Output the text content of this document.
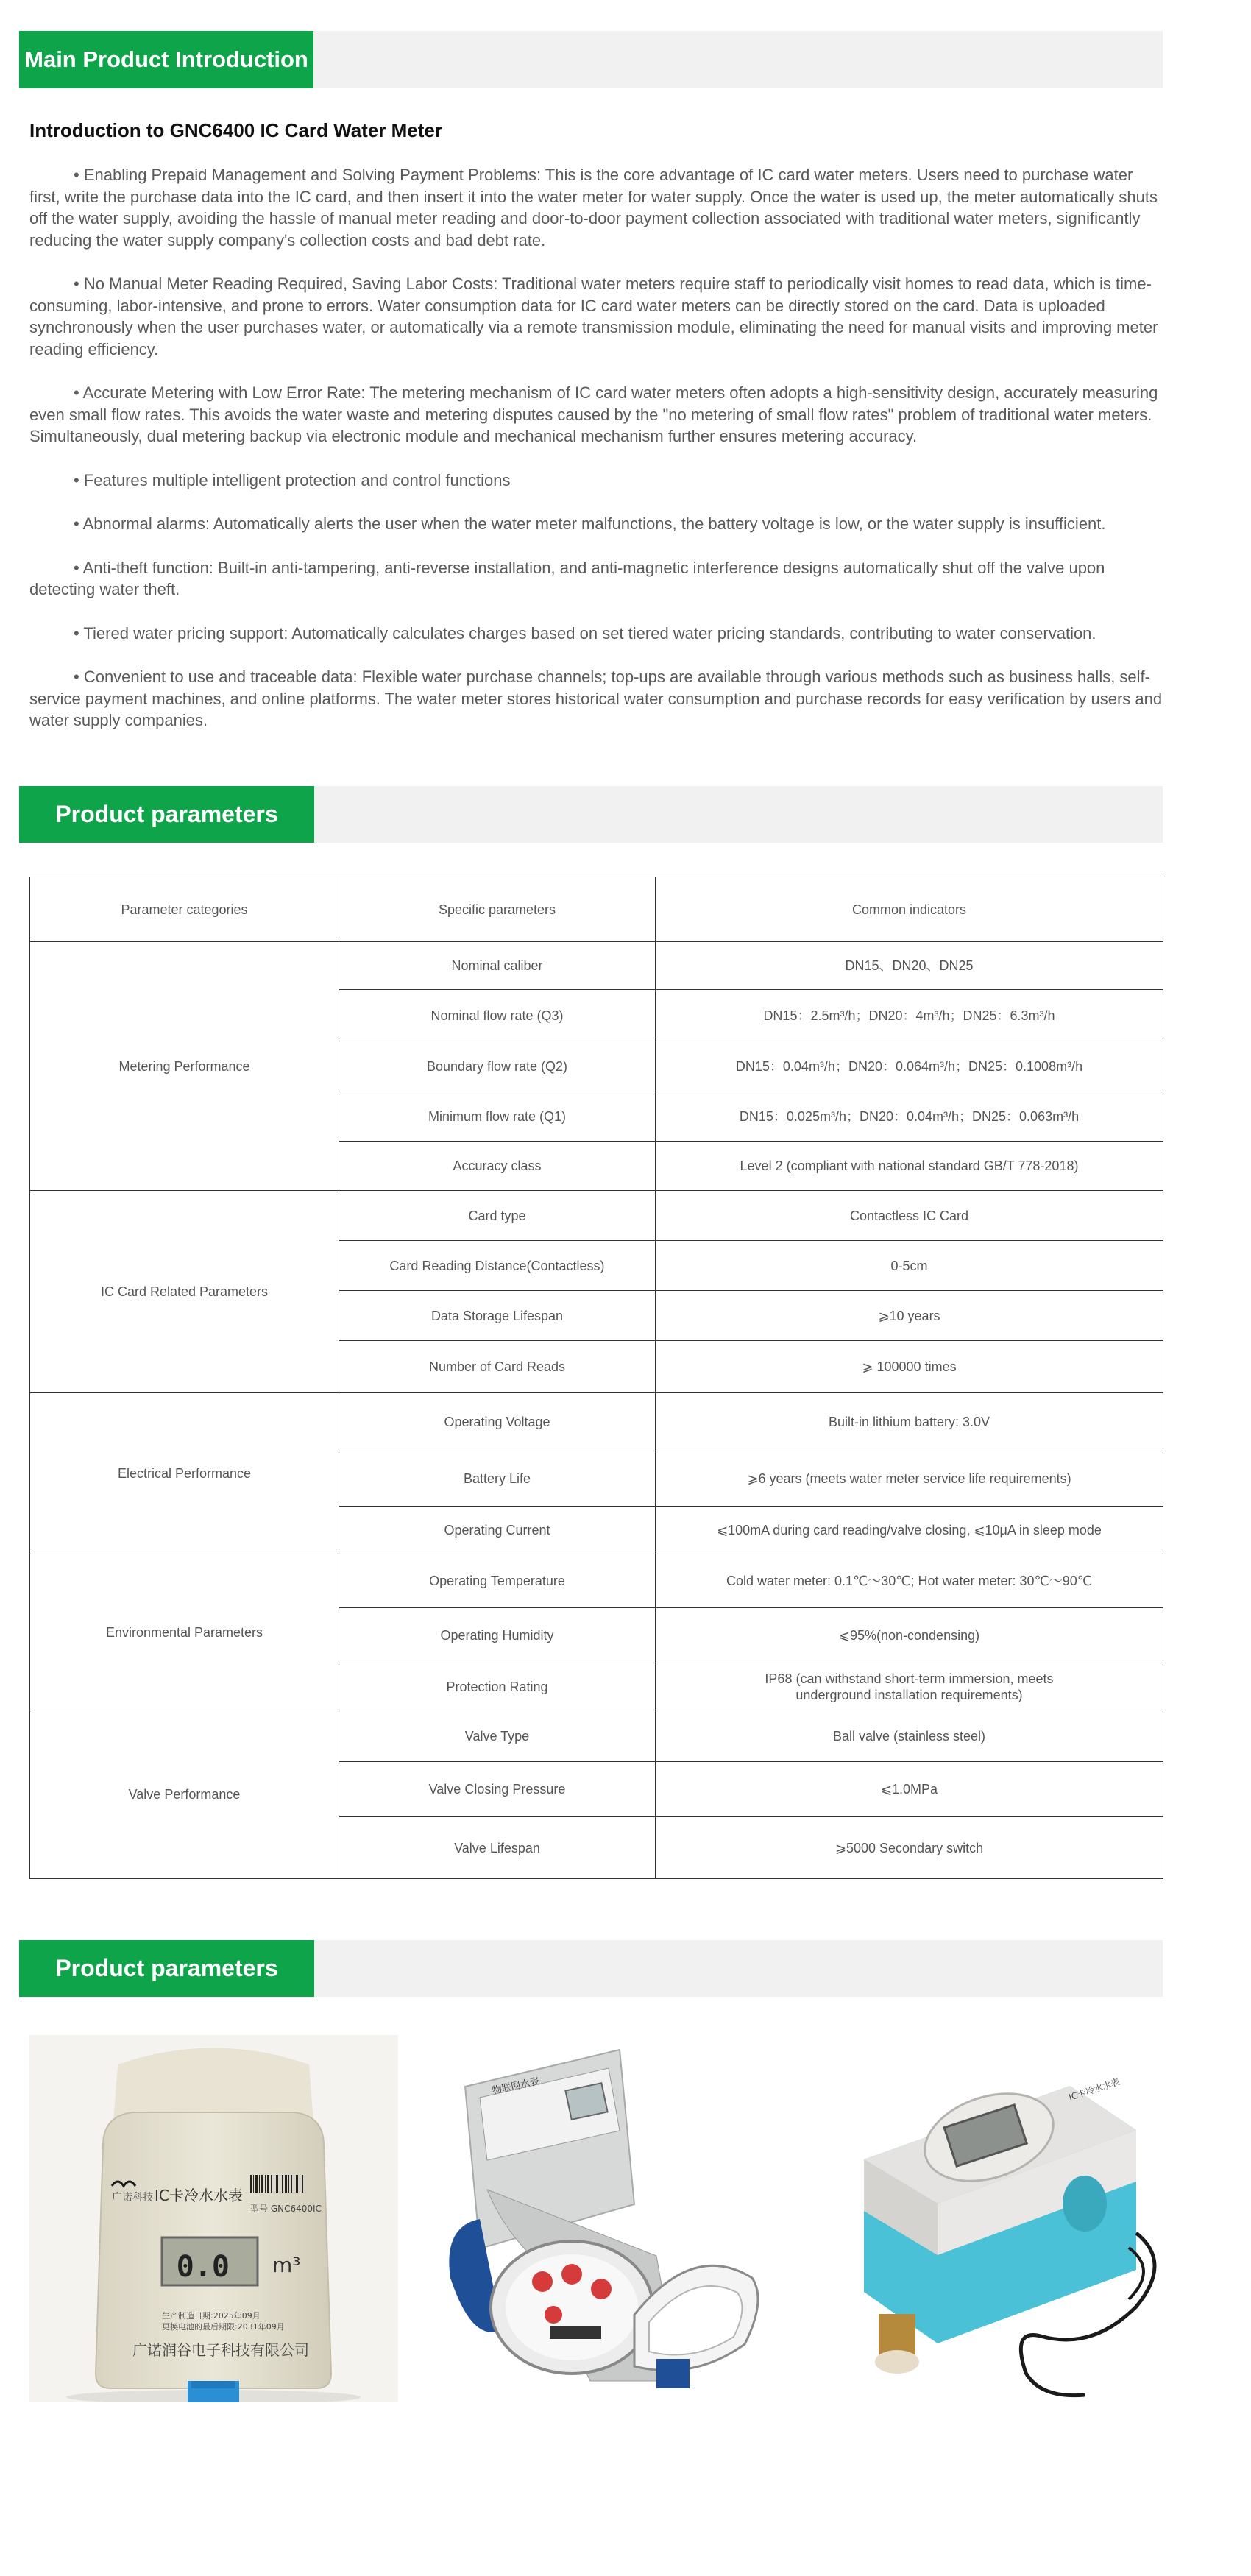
Main Product Introduction
Introduction to GNC6400 IC Card Water Meter

• Enabling Prepaid Management and Solving Payment Problems: This is the core advantage of IC card water meters. Users need to purchase water first, write the purchase data into the IC card, and then insert it into the water meter for water supply. Once the water is used up, the meter automatically shuts off the water supply, avoiding the hassle of manual meter reading and door-to-door payment collection associated with traditional water meters, significantly reducing the water supply company's collection costs and bad debt rate.

• No Manual Meter Reading Required, Saving Labor Costs: Traditional water meters require staff to periodically visit homes to read data, which is time-consuming, labor-intensive, and prone to errors. Water consumption data for IC card water meters can be directly stored on the card. Data is uploaded synchronously when the user purchases water, or automatically via a remote transmission module, eliminating the need for manual visits and improving meter reading efficiency.

• Accurate Metering with Low Error Rate: The metering mechanism of IC card water meters often adopts a high-sensitivity design, accurately measuring even small flow rates. This avoids the water waste and metering disputes caused by the "no metering of small flow rates" problem of traditional water meters. Simultaneously, dual metering backup via electronic module and mechanical mechanism further ensures metering accuracy.

• Features multiple intelligent protection and control functions

• Abnormal alarms: Automatically alerts the user when the water meter malfunctions, the battery voltage is low, or the water supply is insufficient.

• Anti-theft function: Built-in anti-tampering, anti-reverse installation, and anti-magnetic interference designs automatically shut off the valve upon detecting water theft.

• Tiered water pricing support: Automatically calculates charges based on set tiered water pricing standards, contributing to water conservation.

• Convenient to use and traceable data: Flexible water purchase channels; top-ups are available through various methods such as business halls, self-service payment machines, and online platforms. The water meter stores historical water consumption and purchase records for easy verification by users and water supply companies.

Product parameters
Parameter categories	Specific parameters	Common indicators
Metering Performance	Nominal caliber	DN15、DN20、DN25
	Nominal flow rate (Q3)	DN15：2.5m³/h；DN20：4m³/h；DN25：6.3m³/h
	Boundary flow rate (Q2)	DN15：0.04m³/h；DN20：0.064m³/h；DN25：0.1008m³/h
	Minimum flow rate (Q1)	DN15：0.025m³/h；DN20：0.04m³/h；DN25：0.063m³/h
	Accuracy class	Level 2 (compliant with national standard GB/T 778-2018)
IC Card Related Parameters	Card type	Contactless IC Card
	Card Reading Distance(Contactless)	0-5cm
	Data Storage Lifespan	⩾10 years
	Number of Card Reads	⩾ 100000 times
Electrical Performance	Operating Voltage	Built-in lithium battery: 3.0V
	Battery Life	⩾6 years (meets water meter service life requirements)
	Operating Current	⩽100mA during card reading/valve closing, ⩽10μA in sleep mode
Environmental Parameters	Operating Temperature	Cold water meter: 0.1℃～30℃; Hot water meter: 30℃～90℃
	Operating Humidity	⩽95%(non-condensing)
	Protection Rating	IP68 (can withstand short-term immersion, meets underground installation requirements)
Valve Performance	Valve Type	Ball valve (stainless steel)
	Valve Closing Pressure	⩽1.0MPa
	Valve Lifespan	⩾5000 Secondary switch
Product parameters
广诺科技 IC卡冷水水表
型号 GNC6400IC
0.0 m³
生产制造日期:2025年09月
更换电池的最后期限:2031年09月
广诺润谷电子科技有限公司
物联网水表	IC卡冷水水表
